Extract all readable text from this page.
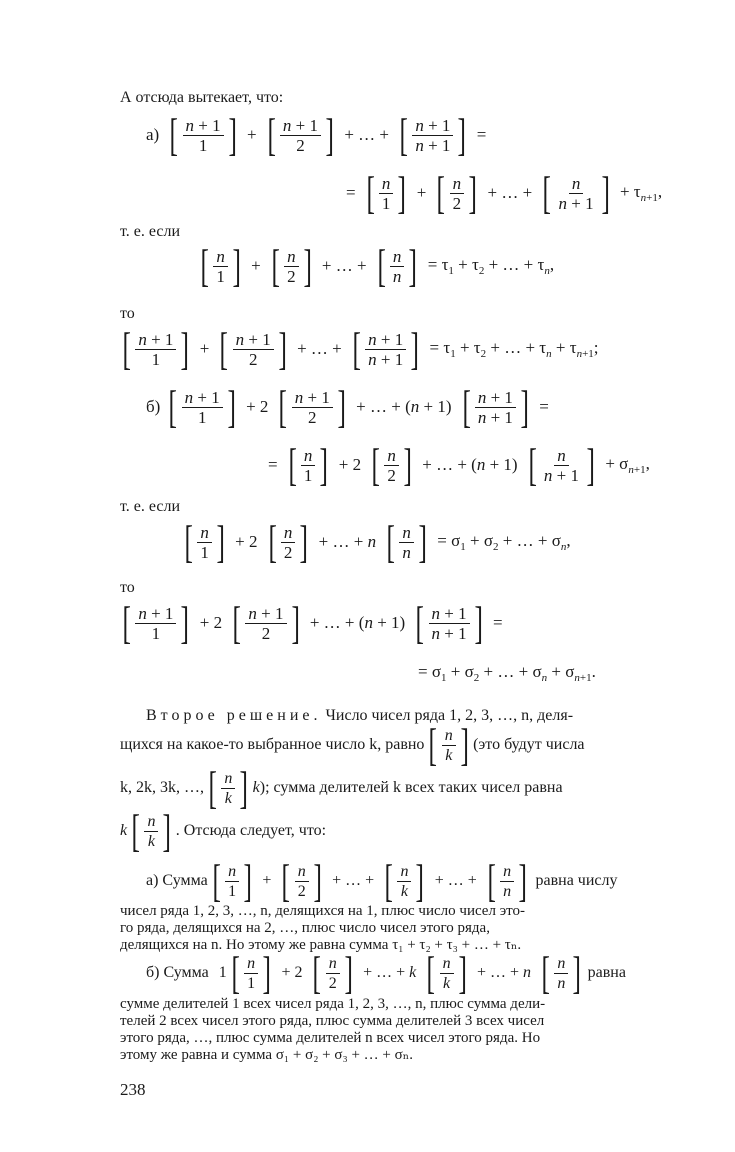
А отсюда вытекает, что:
а) [ $\frac{n + 1}{1}$ ] + [ $\frac{n + 1}{2}$ ] + … + [ $\frac{n + 1}{n + 1}$ ] =
= [ $\frac{n}{1}$ ] + [ $\frac{n}{2}$ ] + … + [ $\frac{n}{n + 1}$ ] + $\tau_{n+1}$,
т. е. если
[ $\frac{n}{1}$ ] + [ $\frac{n}{2}$ ] + … + [ $\frac{n}{n}$ ] = $\tau_1 + \tau_2$ + … + $\tau_n$,
то
[ $\frac{n + 1}{1}$ ] + [ $\frac{n + 1}{2}$ ] + … + [ $\frac{n + 1}{n + 1}$ ] = $\tau_1 + \tau_2$ + … + $\tau_n + \tau_{n+1}$;
б) [ $\frac{n + 1}{1}$ ] + 2 [ $\frac{n + 1}{2}$ ] + … + (n + 1) [ $\frac{n + 1}{n + 1}$ ] =
= [ $\frac{n}{1}$ ] + 2 [ $\frac{n}{2}$ ] + … + (n + 1) [ $\frac{n}{n + 1}$ ] + $\sigma_{n+1}$,
т. е. если
[ $\frac{n}{1}$ ] + 2 [ $\frac{n}{2}$ ] + … + n [ $\frac{n}{n}$ ] = $\sigma_1 + \sigma_2$ + … + $\sigma_n$,
то
[ $\frac{n + 1}{1}$ ] + 2 [ $\frac{n + 1}{2}$ ] + … + (n + 1) [ $\frac{n + 1}{n + 1}$ ] =
= $\sigma_1 + \sigma_2$ + … + $\sigma_n + \sigma_{n+1}$.
Второе решение. Число чисел ряда 1, 2, 3, …, n, деля-
щихся на какое-то выбранное число k, равно [ $\frac{n}{k}$ ] (это будут числа
k, 2k, 3k, …, [ $\frac{n}{k}$ ] k ); сумма делителей k всех таких чисел равна
k [ $\frac{n}{k}$ ] . Отсюда следует, что:
а) Сумма [ $\frac{n}{1}$ ] + [ $\frac{n}{2}$ ] + … + [ $\frac{n}{k}$ ] + … + [ $\frac{n}{n}$ ] равна числу
чисел ряда 1, 2, 3, …, n, делящихся на 1, плюс число чисел это-
го ряда, делящихся на 2, …, плюс число чисел этого ряда,
делящихся на n. Но этому же равна сумма τ₁ + τ₂ + τ₃ + … + τₙ.
б) Сумма 1 [ $\frac{n}{1}$ ] + 2 [ $\frac{n}{2}$ ] + … + k [ $\frac{n}{k}$ ] + … + n [ $\frac{n}{n}$ ] равна
сумме делителей 1 всех чисел ряда 1, 2, 3, …, n, плюс сумма дели-
телей 2 всех чисел этого ряда, плюс сумма делителей 3 всех чисел
этого ряда, …, плюс сумма делителей n всех чисел этого ряда. Но
этому же равна и сумма σ₁ + σ₂ + σ₃ + … + σₙ.
238
